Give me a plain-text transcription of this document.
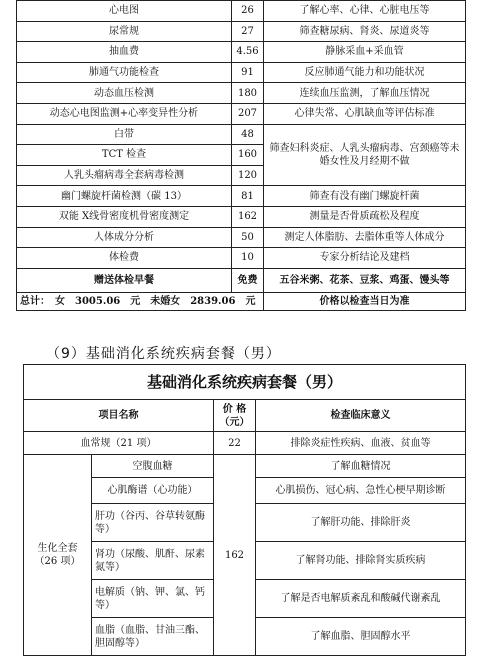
心电图	26	了解心率、心律、心脏电压等
尿常规	27	筛查糖尿病、肾炎、尿道炎等
抽血费	4.56	静脉采血+采血管
肺通气功能检查	91	反应肺通气能力和功能状况
动态血压检测	180	连续血压监测，了解血压情况
动态心电图监测+心率变异性分析	207	心律失常、心肌缺血等评估标准
白带	48	筛查妇科炎症、人乳头瘤病毒、宫颈癌等未婚女性及月经期不做
TCT 检查	160	
人乳头瘤病毒全套病毒检测	120	
幽门螺旋杆菌检测（碳 13）	81	筛查有没有幽门螺旋杆菌
双能 X线骨密度机骨密度测定	162	测量是否骨质疏松及程度
人体成分分析	50	测定人体脂肪、去脂体重等人体成分
体检费	10	专家分析结论及建档
赠送体检早餐	免费	五谷米粥、花茶、豆浆、鸡蛋、馒头等
总计：　女　3005.06　元　未婚女　2839.06　元		价格以检查当日为准
（9）基础消化系统疾病套餐（男）
基础消化系统疾病套餐（男）			
项目名称		价 格（元）	检查临床意义
血常规（21 项）		22	排除炎症性疾病、血液、贫血等
生化全套（26 项）	空腹血糖	162	了解血糖情况
	心肌酶谱（心功能）		心肌损伤、冠心病、急性心梗早期诊断
	肝功（谷丙、谷草转氨酶等）		了解肝功能、排除肝炎
	肾功（尿酸、肌酐、尿素氮等）		了解肾功能、排除肾实质疾病
	电解质（钠、钾、氯、钙等）		了解是否电解质紊乱和酸碱代谢紊乱
	血脂（血脂、甘油三酯、胆固醇等）		了解血脂、胆固醇水平
